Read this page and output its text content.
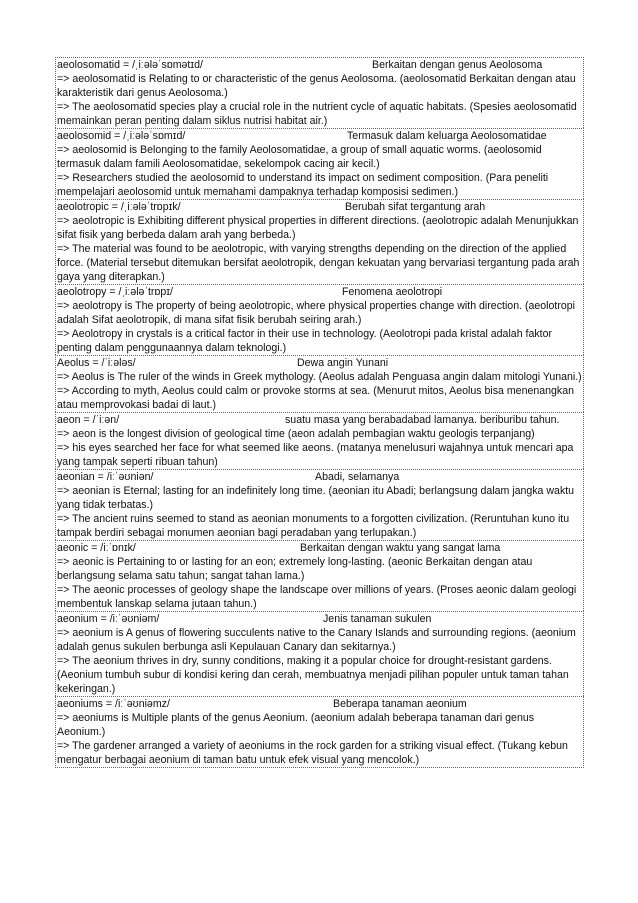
aeolosomatid = /ˌiːələˈsɒmətɪd/	Berkaitan dengan genus Aeolosoma
=> aeolosomatid is Relating to or characteristic of the genus Aeolosoma. (aeolosomatid Berkaitan dengan atau karakteristik dari genus Aeolosoma.)
=> The aeolosomatid species play a crucial role in the nutrient cycle of aquatic habitats. (Spesies aeolosomatid memainkan peran penting dalam siklus nutrisi habitat air.)
aeolosomid = /ˌiːələˈsɒmɪd/	Termasuk dalam keluarga Aeolosomatidae
=> aeolosomid is Belonging to the family Aeolosomatidae, a group of small aquatic worms. (aeolosomid termasuk dalam famili Aeolosomatidae, sekelompok cacing air kecil.)
=> Researchers studied the aeolosomid to understand its impact on sediment composition. (Para peneliti mempelajari aeolosomid untuk memahami dampaknya terhadap komposisi sedimen.)
aeolotropic = /ˌiːələˈtrɒpɪk/	Berubah sifat tergantung arah
=> aeolotropic is Exhibiting different physical properties in different directions. (aeolotropic adalah Menunjukkan sifat fisik yang berbeda dalam arah yang berbeda.)
=> The material was found to be aeolotropic, with varying strengths depending on the direction of the applied force. (Material tersebut ditemukan bersifat aeolotropik, dengan kekuatan yang bervariasi tergantung pada arah gaya yang diterapkan.)
aeolotropy = /ˌiːələˈtrɒpɪ/	Fenomena aeolotropi
=> aeolotropy is The property of being aeolotropic, where physical properties change with direction. (aeolotropi adalah Sifat aeolotropik, di mana sifat fisik berubah seiring arah.)
=> Aeolotropy in crystals is a critical factor in their use in technology. (Aeolotropi pada kristal adalah faktor penting dalam penggunaannya dalam teknologi.)
Aeolus = /ˈiːələs/	Dewa angin Yunani
=> Aeolus is The ruler of the winds in Greek mythology. (Aeolus adalah Penguasa angin dalam mitologi Yunani.)
=> According to myth, Aeolus could calm or provoke storms at sea. (Menurut mitos, Aeolus bisa menenangkan atau memprovokasi badai di laut.)
aeon = /ˈiːən/	suatu masa yang berabadabad lamanya. beriburibu tahun.
=> aeon is the longest division of geological time (aeon adalah pembagian waktu geologis terpanjang)
=> his eyes searched her face for what seemed like aeons. (matanya menelusuri wajahnya untuk mencari apa yang tampak seperti ribuan tahun)
aeonian = /iːˈəʊniən/	Abadi, selamanya
=> aeonian is Eternal; lasting for an indefinitely long time. (aeonian itu Abadi; berlangsung dalam jangka waktu yang tidak terbatas.)
=> The ancient ruins seemed to stand as aeonian monuments to a forgotten civilization. (Reruntuhan kuno itu tampak berdiri sebagai monumen aeonian bagi peradaban yang terlupakan.)
aeonic = /iːˈɒnɪk/	Berkaitan dengan waktu yang sangat lama
=> aeonic is Pertaining to or lasting for an eon; extremely long-lasting. (aeonic Berkaitan dengan atau berlangsung selama satu tahun; sangat tahan lama.)
=> The aeonic processes of geology shape the landscape over millions of years. (Proses aeonic dalam geologi membentuk lanskap selama jutaan tahun.)
aeonium = /iːˈəʊniəm/	Jenis tanaman sukulen
=> aeonium is A genus of flowering succulents native to the Canary Islands and surrounding regions. (aeonium adalah genus sukulen berbunga asli Kepulauan Canary dan sekitarnya.)
=> The aeonium thrives in dry, sunny conditions, making it a popular choice for drought-resistant gardens. (Aeonium tumbuh subur di kondisi kering dan cerah, membuatnya menjadi pilihan populer untuk taman tahan kekeringan.)
aeoniums = /iːˈəʊniəmz/	Beberapa tanaman aeonium
=> aeoniums is Multiple plants of the genus Aeonium. (aeonium adalah beberapa tanaman dari genus Aeonium.)
=> The gardener arranged a variety of aeoniums in the rock garden for a striking visual effect. (Tukang kebun mengatur berbagai aeonium di taman batu untuk efek visual yang mencolok.)
